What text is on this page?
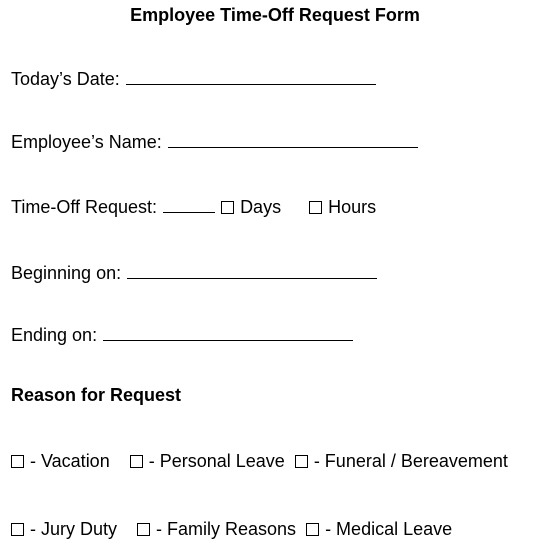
Employee Time-Off Request Form
Today’s Date:
Employee’s Name:
Time-Off Request:	Days	Hours
Beginning on:
Ending on:
Reason for Request
- Vacation - Personal Leave - Funeral / Bereavement
- Jury Duty - Family Reasons - Medical Leave
